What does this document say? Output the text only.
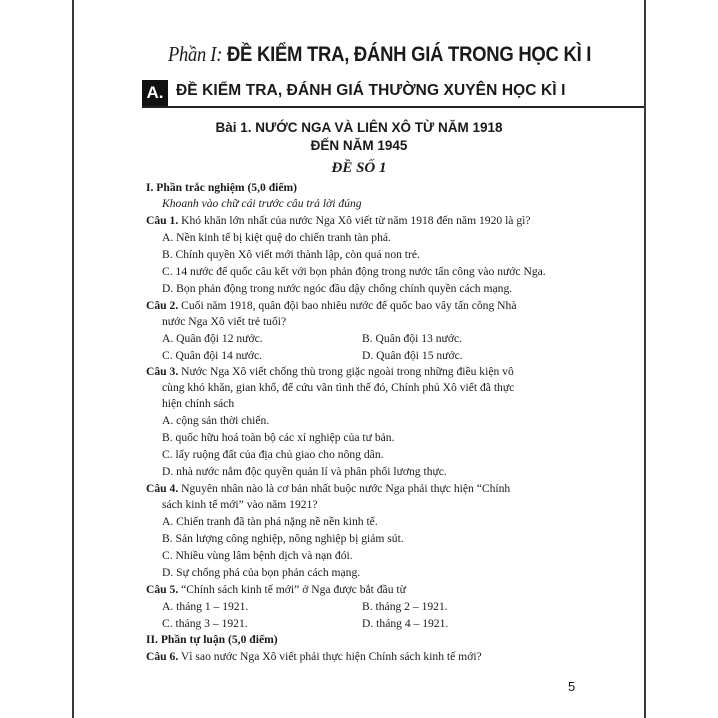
Phần I: ĐỀ KIỂM TRA, ĐÁNH GIÁ TRONG HỌC KÌ I
A. ĐỀ KIỂM TRA, ĐÁNH GIÁ THƯỜNG XUYÊN HỌC KÌ I
Bài 1. NƯỚC NGA VÀ LIÊN XÔ TỪ NĂM 1918
ĐẾN NĂM 1945
ĐỀ SỐ 1
I. Phần trắc nghiệm (5,0 điểm)
Khoanh vào chữ cái trước câu trả lời đúng
Câu 1. Khó khăn lớn nhất của nước Nga Xô viết từ năm 1918 đến năm 1920 là gì?
A. Nền kinh tế bị kiệt quệ do chiến tranh tàn phá.
B. Chính quyền Xô viết mới thành lập, còn quá non trẻ.
C. 14 nước đế quốc câu kết với bọn phản động trong nước tấn công vào nước Nga.
D. Bọn phản động trong nước ngóc đầu dậy chống chính quyền cách mạng.
Câu 2. Cuối năm 1918, quân đội bao nhiêu nước đế quốc bao vây tấn công Nhà
nước Nga Xô viết trẻ tuổi?
A. Quân đội 12 nước.	B. Quân đội 13 nước.
C. Quân đội 14 nước.	D. Quân đội 15 nước.
Câu 3. Nước Nga Xô viết chống thù trong giặc ngoài trong những điều kiện vô
cùng khó khăn, gian khổ, để cứu vãn tình thế đó, Chính phủ Xô viết đã thực
hiện chính sách
A. cộng sản thời chiến.
B. quốc hữu hoá toàn bộ các xí nghiệp của tư bản.
C. lấy ruộng đất của địa chủ giao cho nông dân.
D. nhà nước nắm độc quyền quản lí và phân phối lương thực.
Câu 4. Nguyên nhân nào là cơ bản nhất buộc nước Nga phải thực hiện “Chính
sách kinh tế mới” vào năm 1921?
A. Chiến tranh đã tàn phá nặng nề nền kinh tế.
B. Sản lượng công nghiệp, nông nghiệp bị giảm sút.
C. Nhiều vùng lâm bệnh dịch và nạn đói.
D. Sự chống phá của bọn phản cách mạng.
Câu 5. “Chính sách kinh tế mới” ở Nga được bắt đầu từ
A. tháng 1 – 1921.	B. tháng 2 – 1921.
C. tháng 3 – 1921.	D. tháng 4 – 1921.
II. Phần tự luận (5,0 điểm)
Câu 6. Vì sao nước Nga Xô viết phải thực hiện Chính sách kinh tế mới?
5
